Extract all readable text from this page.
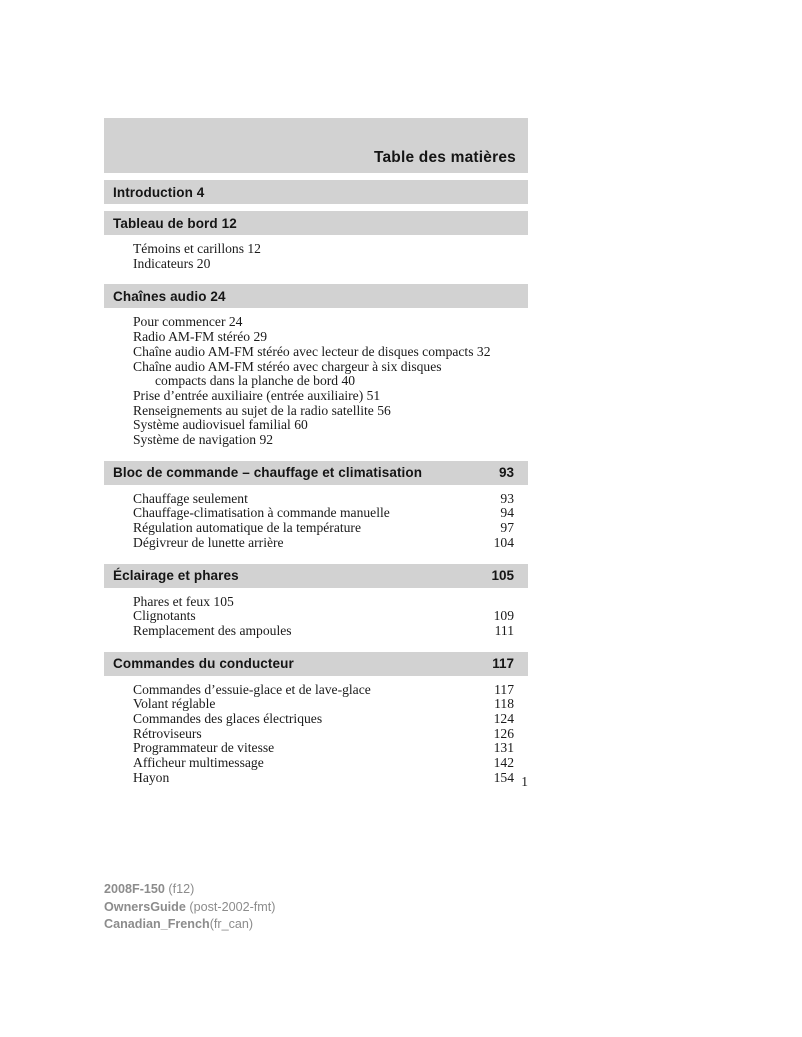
Table des matières
Introduction 4
Tableau de bord 12
Témoins et carillons 12
Indicateurs 20
Chaînes audio 24
Pour commencer 24
Radio AM-FM stéréo 29
Chaîne audio AM-FM stéréo avec lecteur de disques compacts 32
Chaîne audio AM-FM stéréo avec chargeur à six disques
compacts dans la planche de bord 40
Prise d’entrée auxiliaire (entrée auxiliaire) 51
Renseignements au sujet de la radio satellite 56
Système audiovisuel familial 60
Système de navigation 92
Bloc de commande – chauffage et climatisation	93
Chauffage seulement	93
Chauffage-climatisation à commande manuelle	94
Régulation automatique de la température	97
Dégivreur de lunette arrière	104
Éclairage et phares	105
Phares et feux 105
Clignotants	109
Remplacement des ampoules	111
Commandes du conducteur	117
Commandes d’essuie-glace et de lave-glace	117
Volant réglable	118
Commandes des glaces électriques	124
Rétroviseurs	126
Programmateur de vitesse	131
Afficheur multimessage	142
Hayon	154 1
2008F-150 (f12)
OwnersGuide (post-2002-fmt)
Canadian_French(fr_can)
